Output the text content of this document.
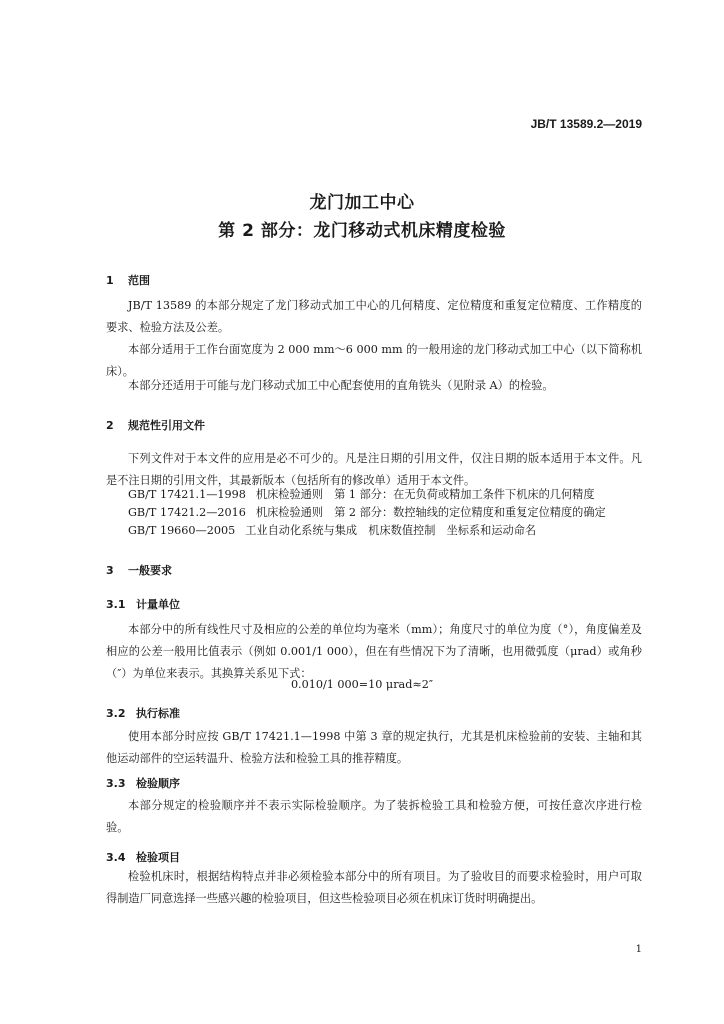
JB/T 13589.2—2019
龙门加工中心
第 2 部分：龙门移动式机床精度检验
1 范围
JB/T 13589 的本部分规定了龙门移动式加工中心的几何精度、定位精度和重复定位精度、工作精度的要求、检验方法及公差。
本部分适用于工作台面宽度为 2 000 mm～6 000 mm 的一般用途的龙门移动式加工中心（以下简称机床）。
本部分还适用于可能与龙门移动式加工中心配套使用的直角铣头（见附录 A）的检验。
2 规范性引用文件
下列文件对于本文件的应用是必不可少的。凡是注日期的引用文件，仅注日期的版本适用于本文件。凡是不注日期的引用文件，其最新版本（包括所有的修改单）适用于本文件。
GB/T 17421.1—1998 机床检验通则　第 1 部分：在无负荷或精加工条件下机床的几何精度
GB/T 17421.2—2016 机床检验通则　第 2 部分：数控轴线的定位精度和重复定位精度的确定
GB/T 19660—2005 工业自动化系统与集成　机床数值控制　坐标系和运动命名
3 一般要求
3.1 计量单位
本部分中的所有线性尺寸及相应的公差的单位均为毫米（mm）；角度尺寸的单位为度（°），角度偏差及相应的公差一般用比值表示（例如 0.001/1 000），但在有些情况下为了清晰，也用微弧度（μrad）或角秒（″）为单位来表示。其换算关系见下式：
0.010/1 000=10 μrad≈2″
3.2 执行标准
使用本部分时应按 GB/T 17421.1—1998 中第 3 章的规定执行，尤其是机床检验前的安装、主轴和其他运动部件的空运转温升、检验方法和检验工具的推荐精度。
3.3 检验顺序
本部分规定的检验顺序并不表示实际检验顺序。为了装拆检验工具和检验方便，可按任意次序进行检验。
3.4 检验项目
检验机床时，根据结构特点并非必须检验本部分中的所有项目。为了验收目的而要求检验时，用户可取得制造厂同意选择一些感兴趣的检验项目，但这些检验项目必须在机床订货时明确提出。
1
